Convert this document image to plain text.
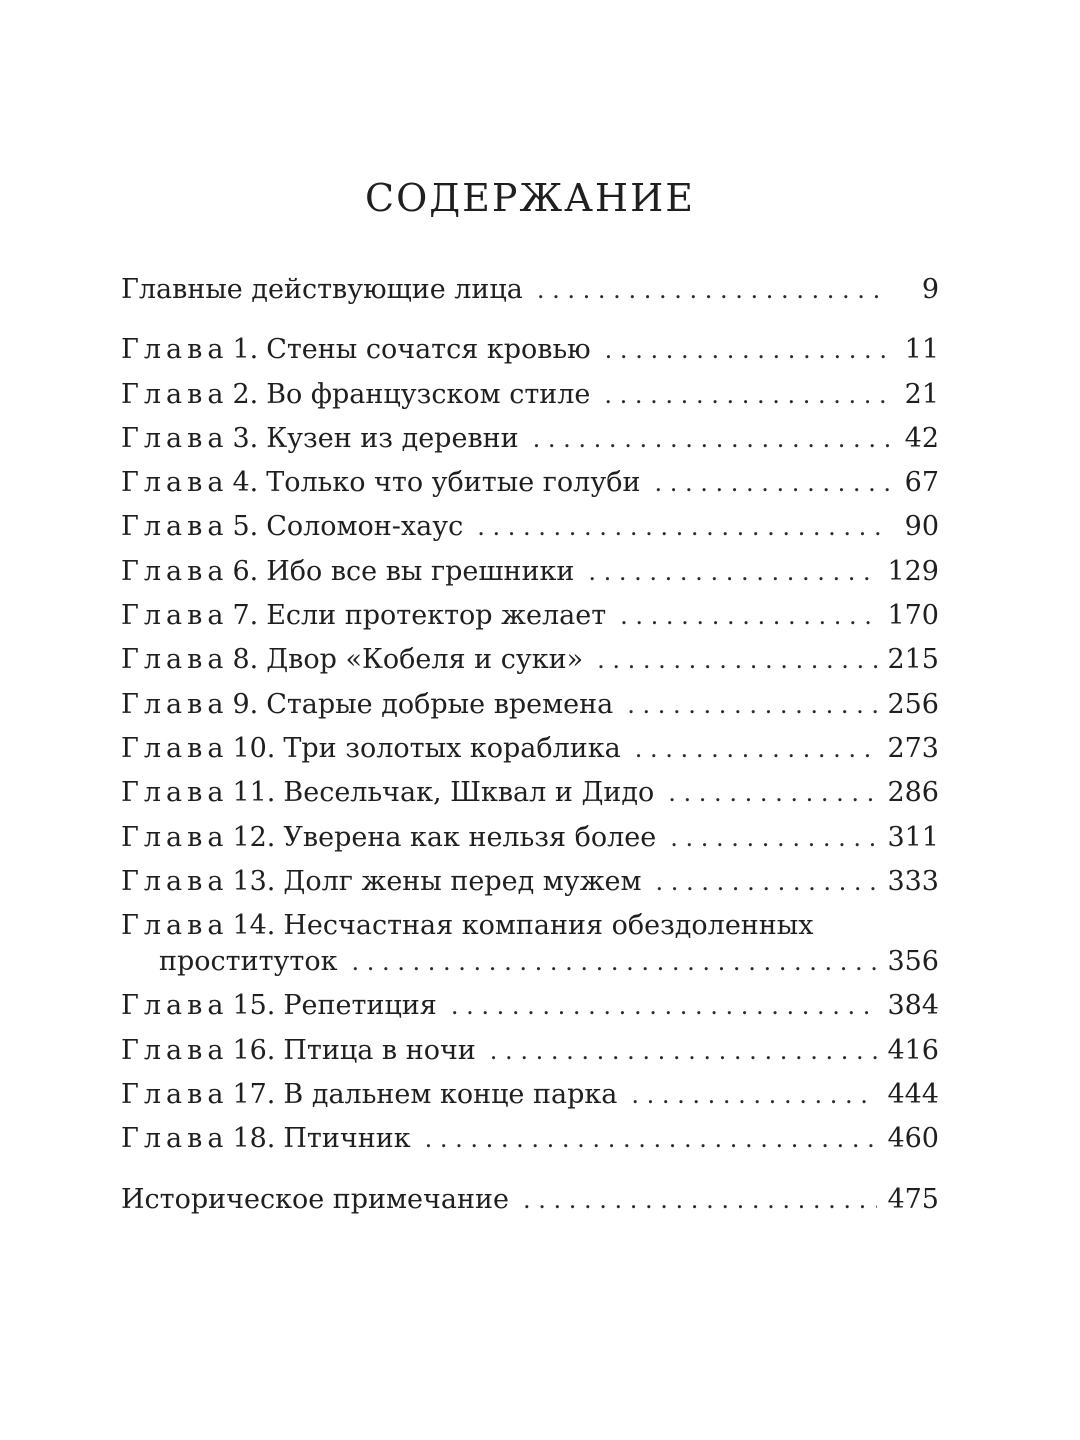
СОДЕРЖАНИЕ
Главные действующие лица . . .	9
Глава 1. Стены сочатся кровью . . .	11
Глава 2. Во французском стиле . . .	21
Глава 3. Кузен из деревни . . .	42
Глава 4. Только что убитые голуби . . .	67
Глава 5. Соломон-хаус . . .	90
Глава 6. Ибо все вы грешники . . .	129
Глава 7. Если протектор желает . . .	170
Глава 8. Двор «Кобеля и суки» . . .	215
Глава 9. Старые добрые времена . . .	256
Глава 10. Три золотых кораблика . . .	273
Глава 11. Весельчак, Шквал и Дидо . . .	286
Глава 12. Уверена как нельзя более . . .	311
Глава 13. Долг жены перед мужем . . .	333
Глава 14. Несчастная компания обездоленных
проституток . . .	356
Глава 15. Репетиция . . .	384
Глава 16. Птица в ночи . . .	416
Глава 17. В дальнем конце парка . . .	444
Глава 18. Птичник . . .	460
Историческое примечание . . .	475
